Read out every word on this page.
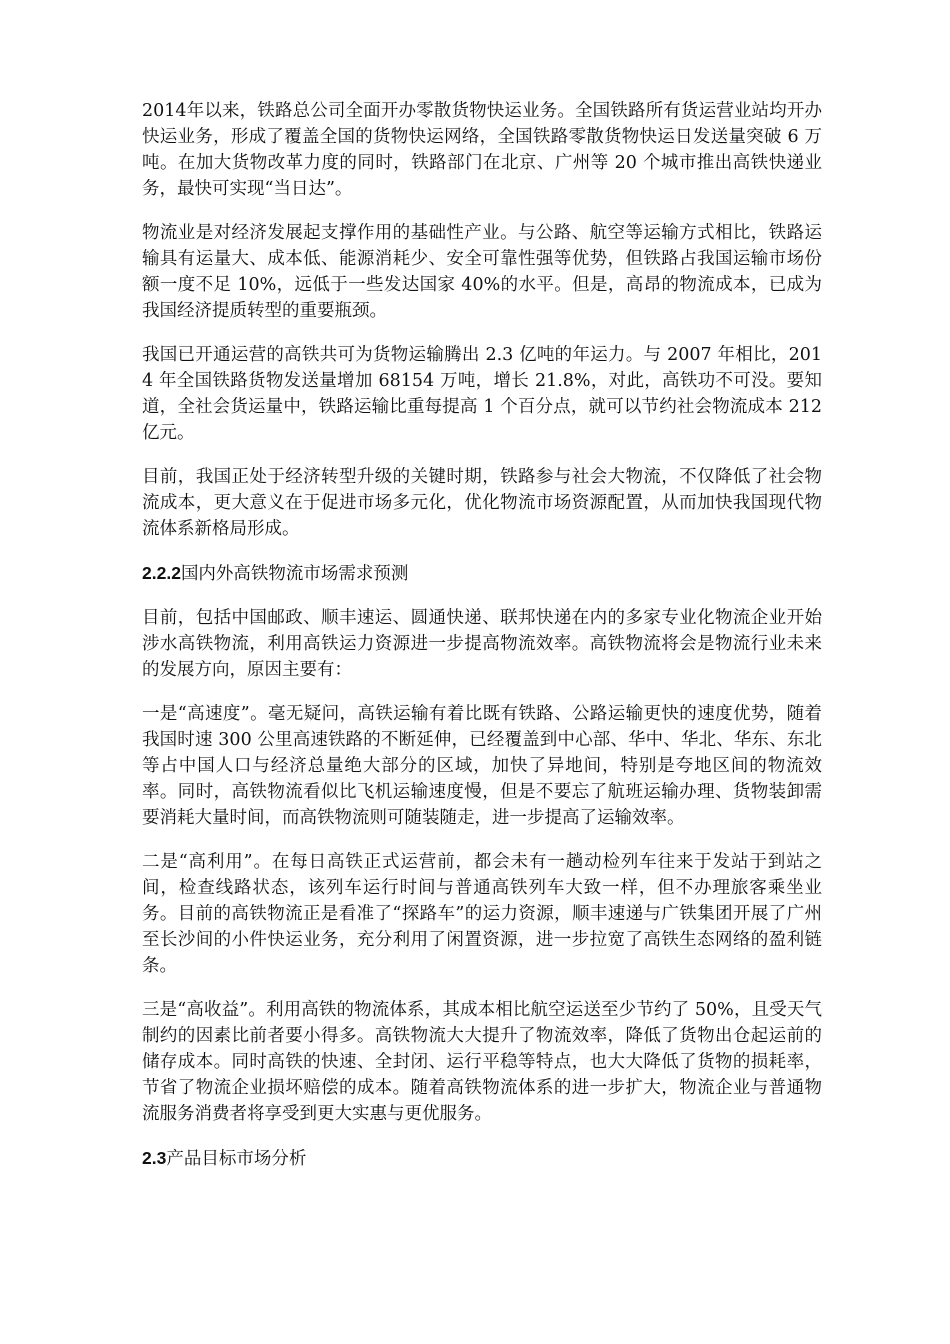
2014年以来，铁路总公司全面开办零散货物快运业务。全国铁路所有货运营业站均开办快运业务，形成了覆盖全国的货物快运网络，全国铁路零散货物快运日发送量突破 6 万吨。在加大货物改革力度的同时，铁路部门在北京、广州等 20 个城市推出高铁快递业务，最快可实现“当日达”。

物流业是对经济发展起支撑作用的基础性产业。与公路、航空等运输方式相比，铁路运输具有运量大、成本低、能源消耗少、安全可靠性强等优势，但铁路占我国运输市场份额一度不足 10%，远低于一些发达国家 40%的水平。但是，高昂的物流成本，已成为我国经济提质转型的重要瓶颈。

我国已开通运营的高铁共可为货物运输腾出 2.3 亿吨的年运力。与 2007 年相比，2014 年全国铁路货物发送量增加 68154 万吨，增长 21.8%，对此，高铁功不可没。要知道，全社会货运量中，铁路运输比重每提高 1 个百分点，就可以节约社会物流成本 212 亿元。

目前，我国正处于经济转型升级的关键时期，铁路参与社会大物流，不仅降低了社会物流成本，更大意义在于促进市场多元化，优化物流市场资源配置，从而加快我国现代物流体系新格局形成。

2.2.2国内外高铁物流市场需求预测

目前，包括中国邮政、顺丰速运、圆通快递、联邦快递在内的多家专业化物流企业开始涉水高铁物流，利用高铁运力资源进一步提高物流效率。高铁物流将会是物流行业未来的发展方向，原因主要有：

一是“高速度”。毫无疑问，高铁运输有着比既有铁路、公路运输更快的速度优势，随着我国时速 300 公里高速铁路的不断延伸，已经覆盖到中心部、华中、华北、华东、东北等占中国人口与经济总量绝大部分的区域，加快了异地间，特别是夸地区间的物流效率。同时，高铁物流看似比飞机运输速度慢，但是不要忘了航班运输办理、货物装卸需要消耗大量时间，而高铁物流则可随装随走，进一步提高了运输效率。

二是“高利用”。在每日高铁正式运营前，都会未有一趟动检列车往来于发站于到站之间，检查线路状态，该列车运行时间与普通高铁列车大致一样，但不办理旅客乘坐业务。目前的高铁物流正是看准了“探路车”的运力资源，顺丰速递与广铁集团开展了广州至长沙间的小件快运业务，充分利用了闲置资源，进一步拉宽了高铁生态网络的盈利链条。

三是“高收益”。利用高铁的物流体系，其成本相比航空运送至少节约了 50%，且受天气制约的因素比前者要小得多。高铁物流大大提升了物流效率，降低了货物出仓起运前的储存成本。同时高铁的快速、全封闭、运行平稳等特点，也大大降低了货物的损耗率，节省了物流企业损坏赔偿的成本。随着高铁物流体系的进一步扩大，物流企业与普通物流服务消费者将享受到更大实惠与更优服务。

2.3产品目标市场分析
